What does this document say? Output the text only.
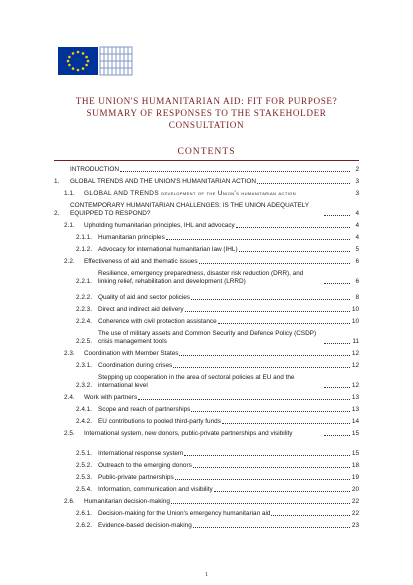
THE UNION'S HUMANITARIAN AID: FIT FOR PURPOSE?
SUMMARY OF RESPONSES TO THE STAKEHOLDER
CONSULTATION
CONTENTS
INTRODUCTION	2
1.	GLOBAL TRENDS AND THE UNION'S HUMANITARIAN ACTION	3
1.1.	GLOBAL AND TRENDS development of the Union's humanitarian action	3
2.
CONTEMPORARY HUMANITARIAN CHALLENGES: IS THE UNION ADEQUATELY EQUIPPED TO RESPOND?	4
2.1.	Upholding humanitarian principles, IHL and advocacy	4
2.1.1. Humanitarian principles	4
2.1.2. Advocacy for international humanitarian law (IHL)	5
2.2.	Effectiveness of aid and thematic issues	6
2.2.1.
Resilience, emergency preparedness, disaster risk reduction (DRR), and linking relief, rehabilitation and development (LRRD)	6
2.2.2. Quality of aid and sector policies	8
2.2.3. Direct and indirect aid delivery	10
2.2.4. Coherence with civil protection assistance	10
2.2.5.
The use of military assets and Common Security and Defence Policy (CSDP) crisis management tools	11
2.3.	Coordination with Member States	12
2.3.1. Coordination during crises	12
2.3.2.
Stepping up cooperation in the area of sectoral policies at EU and the international level	12
2.4.	Work with partners	13
2.4.1. Scope and reach of partnerships	13
2.4.2. EU contributions to pooled third-party funds	14
2.5.	International system, new donors, public-private partnerships and visibility	15
2.5.1. International response system	15
2.5.2. Outreach to the emerging donors	18
2.5.3. Public-private partnerships	19
2.5.4. Information, communication and visibility	20
2.6.	Humanitarian decision-making	22
2.6.1. Decision-making for the Union's emergency humanitarian aid	22
2.6.2. Evidence-based decision-making	23
1
